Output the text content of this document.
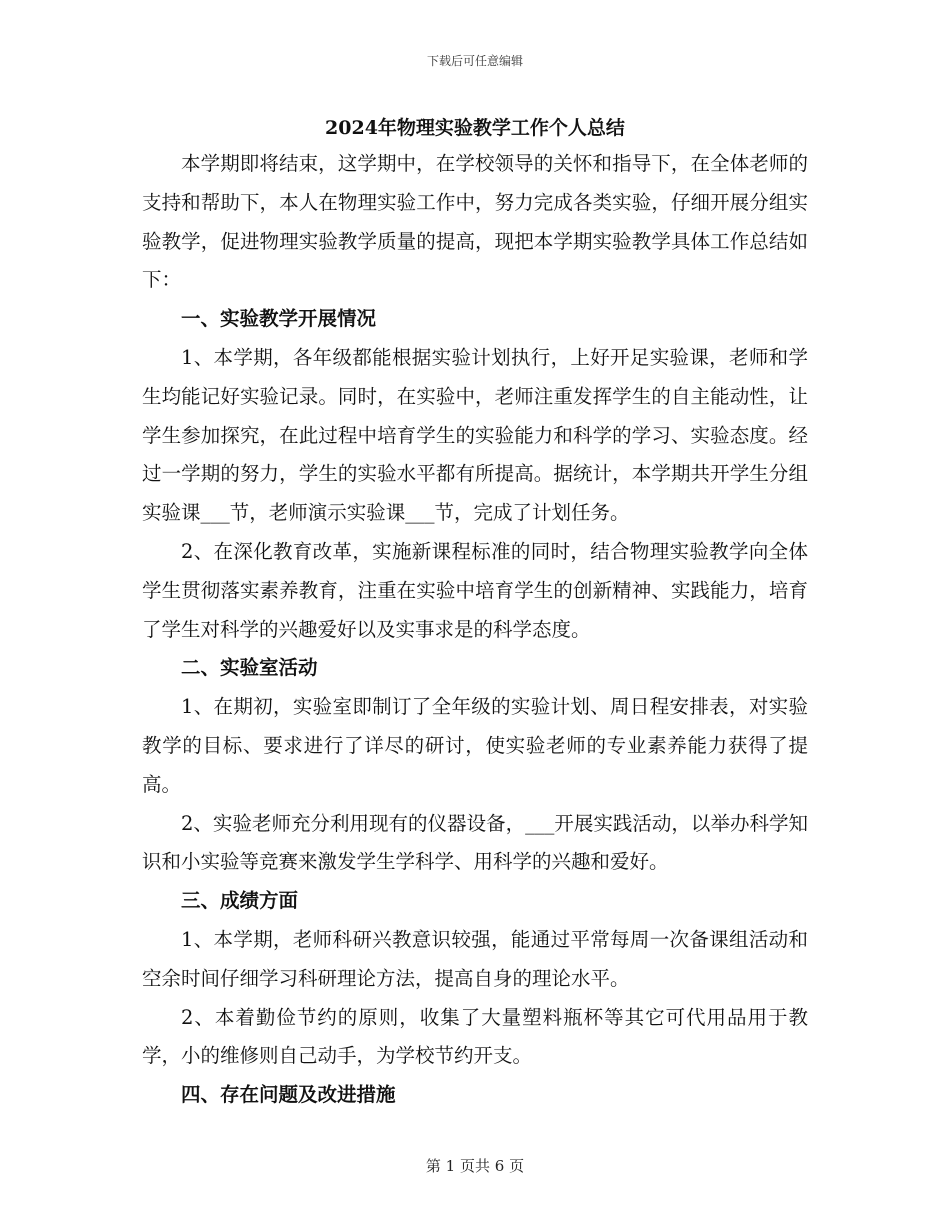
下载后可任意编辑
2024年物理实验教学工作个人总结

本学期即将结束，这学期中，在学校领导的关怀和指导下，在全体老师的支持和帮助下，本人在物理实验工作中，努力完成各类实验，仔细开展分组实验教学，促进物理实验教学质量的提高，现把本学期实验教学具体工作总结如下：

一、实验教学开展情况

1、本学期，各年级都能根据实验计划执行，上好开足实验课，老师和学生均能记好实验记录。同时，在实验中，老师注重发挥学生的自主能动性，让学生参加探究，在此过程中培育学生的实验能力和科学的学习、实验态度。经过一学期的努力，学生的实验水平都有所提高。据统计，本学期共开学生分组实验课___节，老师演示实验课___节，完成了计划任务。

2、在深化教育改革，实施新课程标准的同时，结合物理实验教学向全体学生贯彻落实素养教育，注重在实验中培育学生的创新精神、实践能力，培育了学生对科学的兴趣爱好以及实事求是的科学态度。

二、实验室活动

1、在期初，实验室即制订了全年级的实验计划、周日程安排表，对实验教学的目标、要求进行了详尽的研讨，使实验老师的专业素养能力获得了提高。

2、实验老师充分利用现有的仪器设备，___开展实践活动，以举办科学知识和小实验等竞赛来激发学生学科学、用科学的兴趣和爱好。

三、成绩方面

1、本学期，老师科研兴教意识较强，能通过平常每周一次备课组活动和空余时间仔细学习科研理论方法，提高自身的理论水平。

2、本着勤俭节约的原则，收集了大量塑料瓶杯等其它可代用品用于教学，小的维修则自己动手，为学校节约开支。

四、存在问题及改进措施
第 1 页共 6 页
